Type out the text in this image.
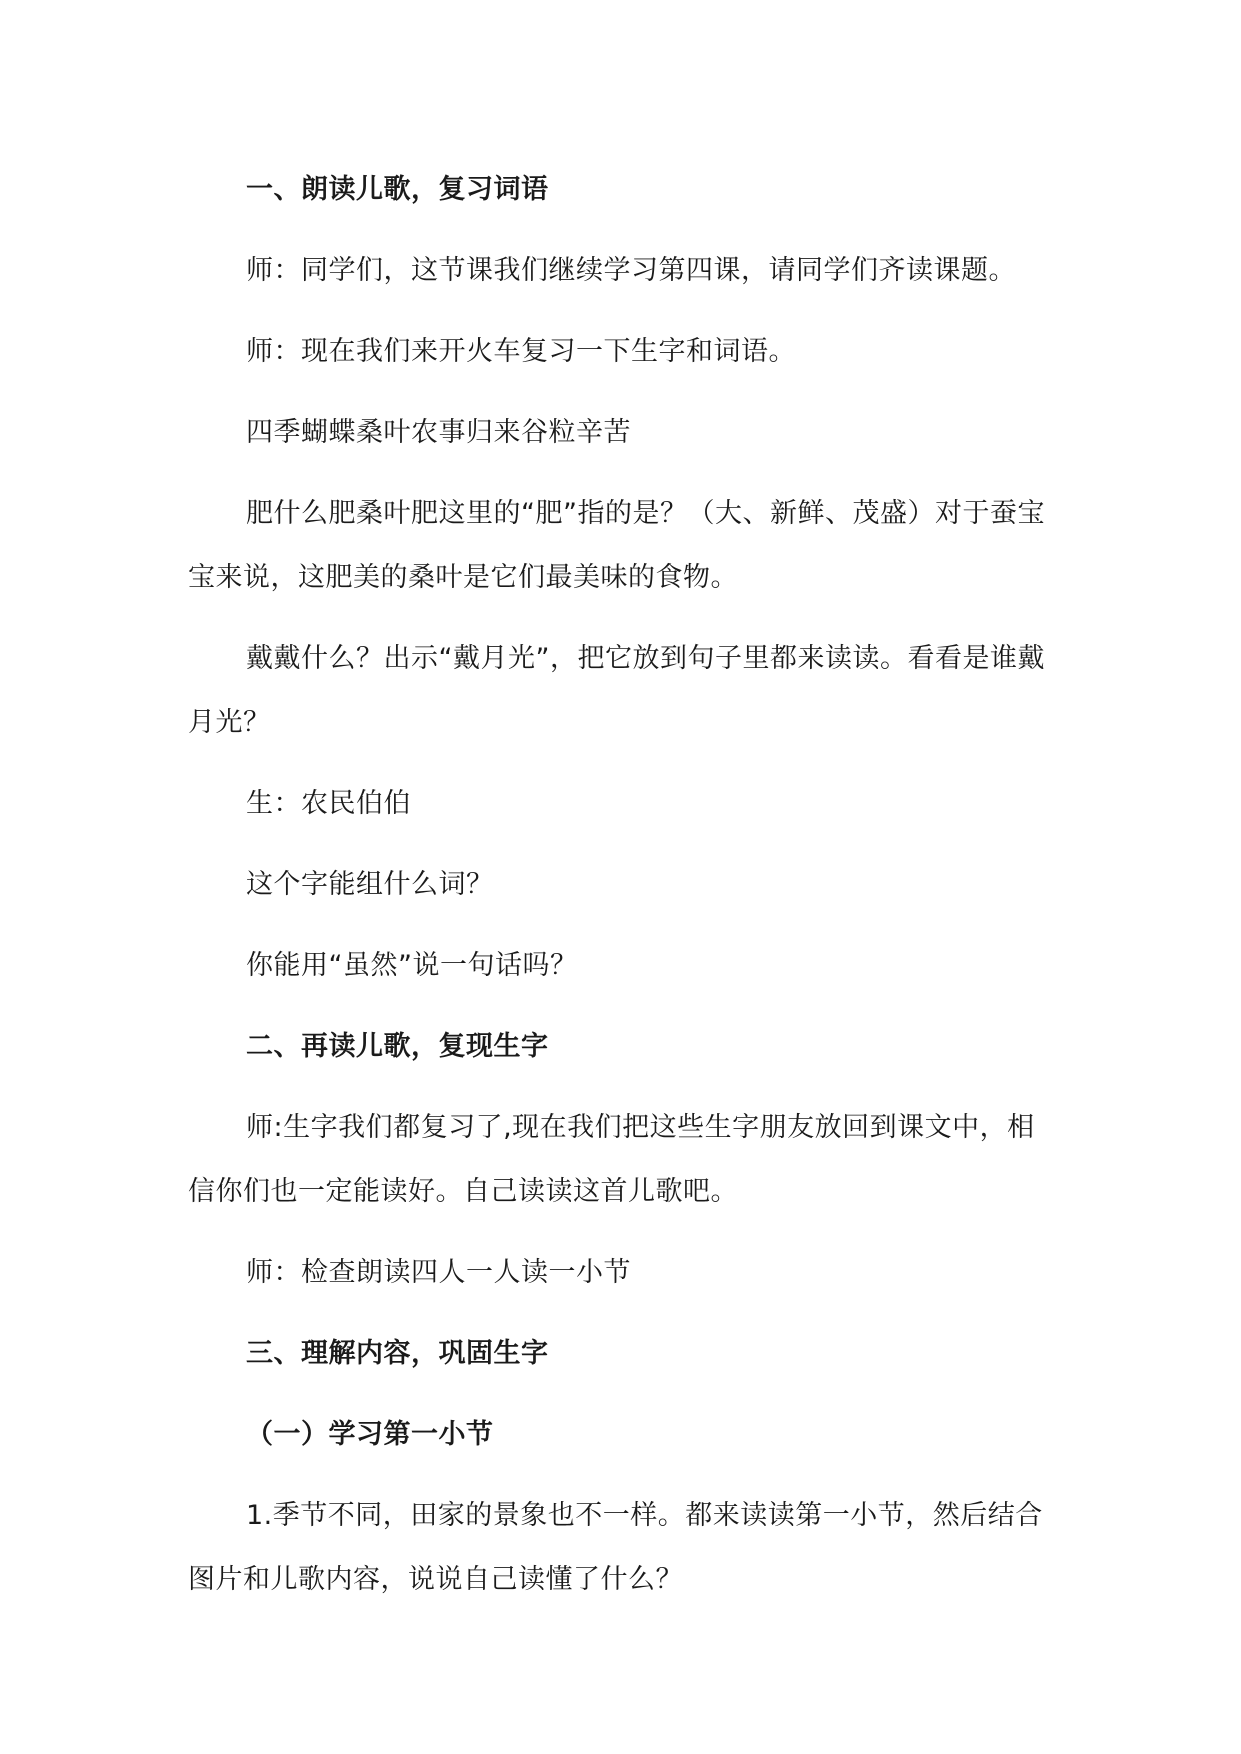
一、朗读儿歌，复习词语

师：同学们，这节课我们继续学习第四课，请同学们齐读课题。

师：现在我们来开火车复习一下生字和词语。

四季蝴蝶桑叶农事归来谷粒辛苦

肥什么肥桑叶肥这里的“肥”指的是？（大、新鲜、茂盛）对于蚕宝宝来说，这肥美的桑叶是它们最美味的食物。

戴戴什么？出示“戴月光”，把它放到句子里都来读读。看看是谁戴月光？

生：农民伯伯

这个字能组什么词？

你能用“虽然”说一句话吗？

二、再读儿歌，复现生字

师:生字我们都复习了,现在我们把这些生字朋友放回到课文中，相信你们也一定能读好。自己读读这首儿歌吧。

师：检查朗读四人一人读一小节

三、理解内容，巩固生字

（一）学习第一小节

1.季节不同，田家的景象也不一样。都来读读第一小节，然后结合图片和儿歌内容，说说自己读懂了什么？
